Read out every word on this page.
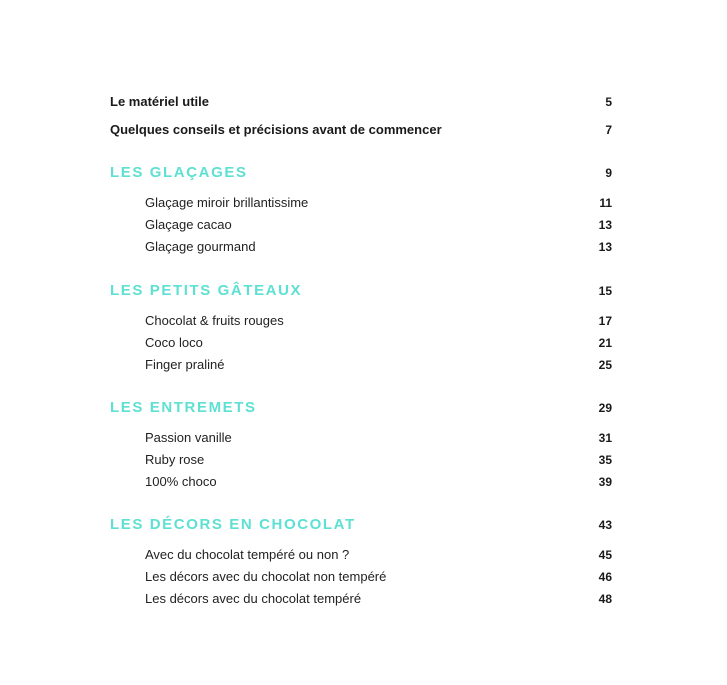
Le matériel utile	5
Quelques conseils et précisions avant de commencer	7
LES GLAÇAGES	9
Glaçage miroir brillantissime	11
Glaçage cacao	13
Glaçage gourmand	13
LES PETITS GÂTEAUX	15
Chocolat & fruits rouges	17
Coco loco	21
Finger praliné	25
LES ENTREMETS	29
Passion vanille	31
Ruby rose	35
100% choco	39
LES DÉCORS EN CHOCOLAT	43
Avec du chocolat tempéré ou non ?	45
Les décors avec du chocolat non tempéré	46
Les décors avec du chocolat tempéré	48
